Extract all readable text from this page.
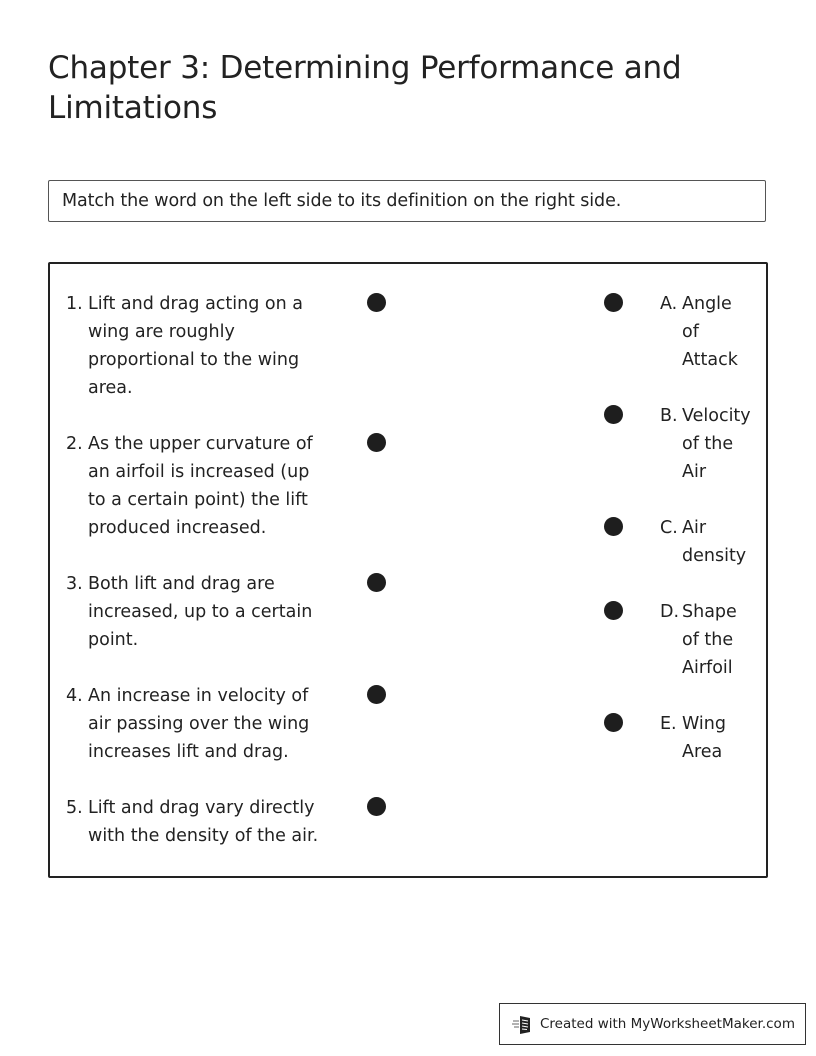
Chapter 3: Determining Performance and Limitations
Match the word on the left side to its definition on the right side.
1. Lift and drag acting on a wing are roughly proportional to the wing area.
2. As the upper curvature of an airfoil is increased (up to a certain point) the lift produced increased.
3. Both lift and drag are increased, up to a certain point.
4. An increase in velocity of air passing over the wing increases lift and drag.
5. Lift and drag vary directly with the density of the air.
A. Angle of Attack
B. Velocity of the Air
C. Air density
D. Shape of the Airfoil
E. Wing Area
Created with MyWorksheetMaker.com
